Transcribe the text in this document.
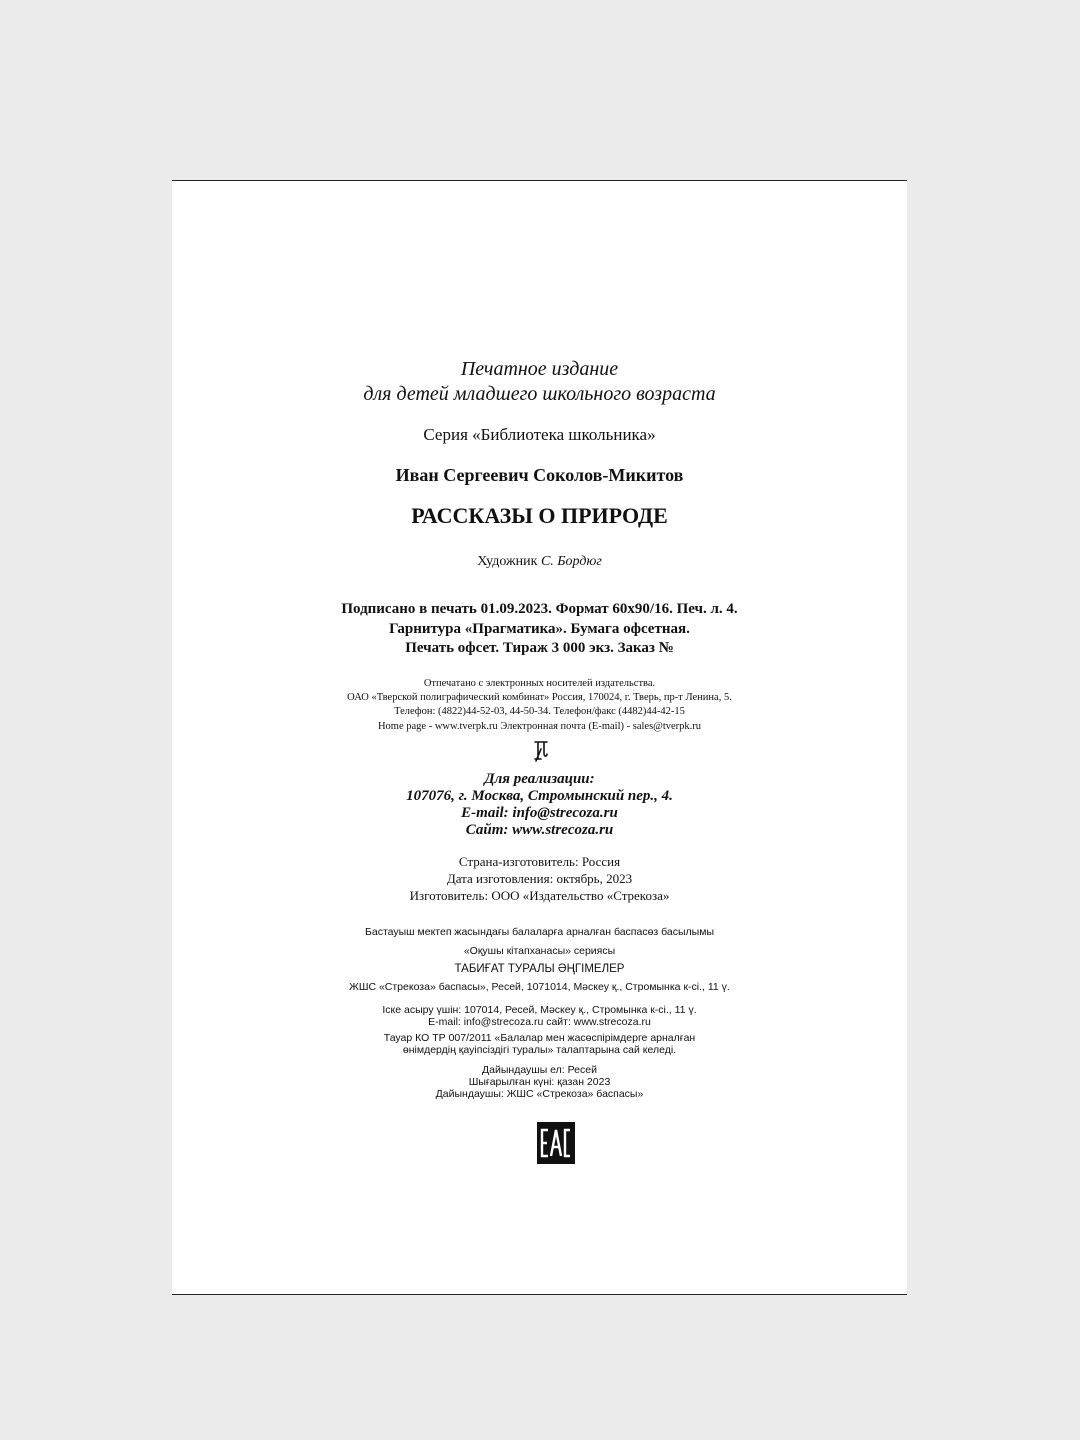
Печатное издание
для детей младшего школьного возраста
Серия «Библиотека школьника»
Иван Сергеевич Соколов-Микитов
РАССКАЗЫ О ПРИРОДЕ
Художник С. Бордюг
Подписано в печать 01.09.2023. Формат 60x90/16. Печ. л. 4.
Гарнитура «Прагматика». Бумага офсетная.
Печать офсет. Тираж 3 000 экз. Заказ №
Отпечатано с электронных носителей издательства.
ОАО «Тверской полиграфический комбинат» Россия, 170024, г. Тверь, пр-т Ленина, 5.
Телефон: (4822)44-52-03, 44-50-34. Телефон/факс (4482)44-42-15
Home page - www.tverpk.ru Электронная почта (E-mail) - sales@tverpk.ru
Для реализации:
107076, г. Москва, Стромынский пер., 4.
E-mail: info@strecoza.ru
Сайт: www.strecoza.ru
Страна-изготовитель: Россия
Дата изготовления: октябрь, 2023
Изготовитель: ООО «Издательство «Стрекоза»
Бастауыш мектеп жасындағы балаларға арналған баспасөз басылымы
«Оқушы кітапханасы» сериясы
ТАБИҒАТ ТУРАЛЫ ӘҢГІМЕЛЕР
ЖШС «Стрекоза» баспасы», Ресей, 1071014, Мәскеу қ., Стромынка к-сі., 11 ү.
Іске асыру үшін: 107014, Ресей, Мәскеу қ., Стромынка к-сі., 11 ү.
E-mail: info@strecoza.ru сайт: www.strecoza.ru
Тауар КО ТР 007/2011 «Балалар мен жасөспірімдерге арналған
өнімдердің қауіпсіздігі туралы» талаптарына сай келеді.
Дайындаушы ел: Ресей
Шығарылған күні: қазан 2023
Дайындаушы: ЖШС «Стрекоза» баспасы»
